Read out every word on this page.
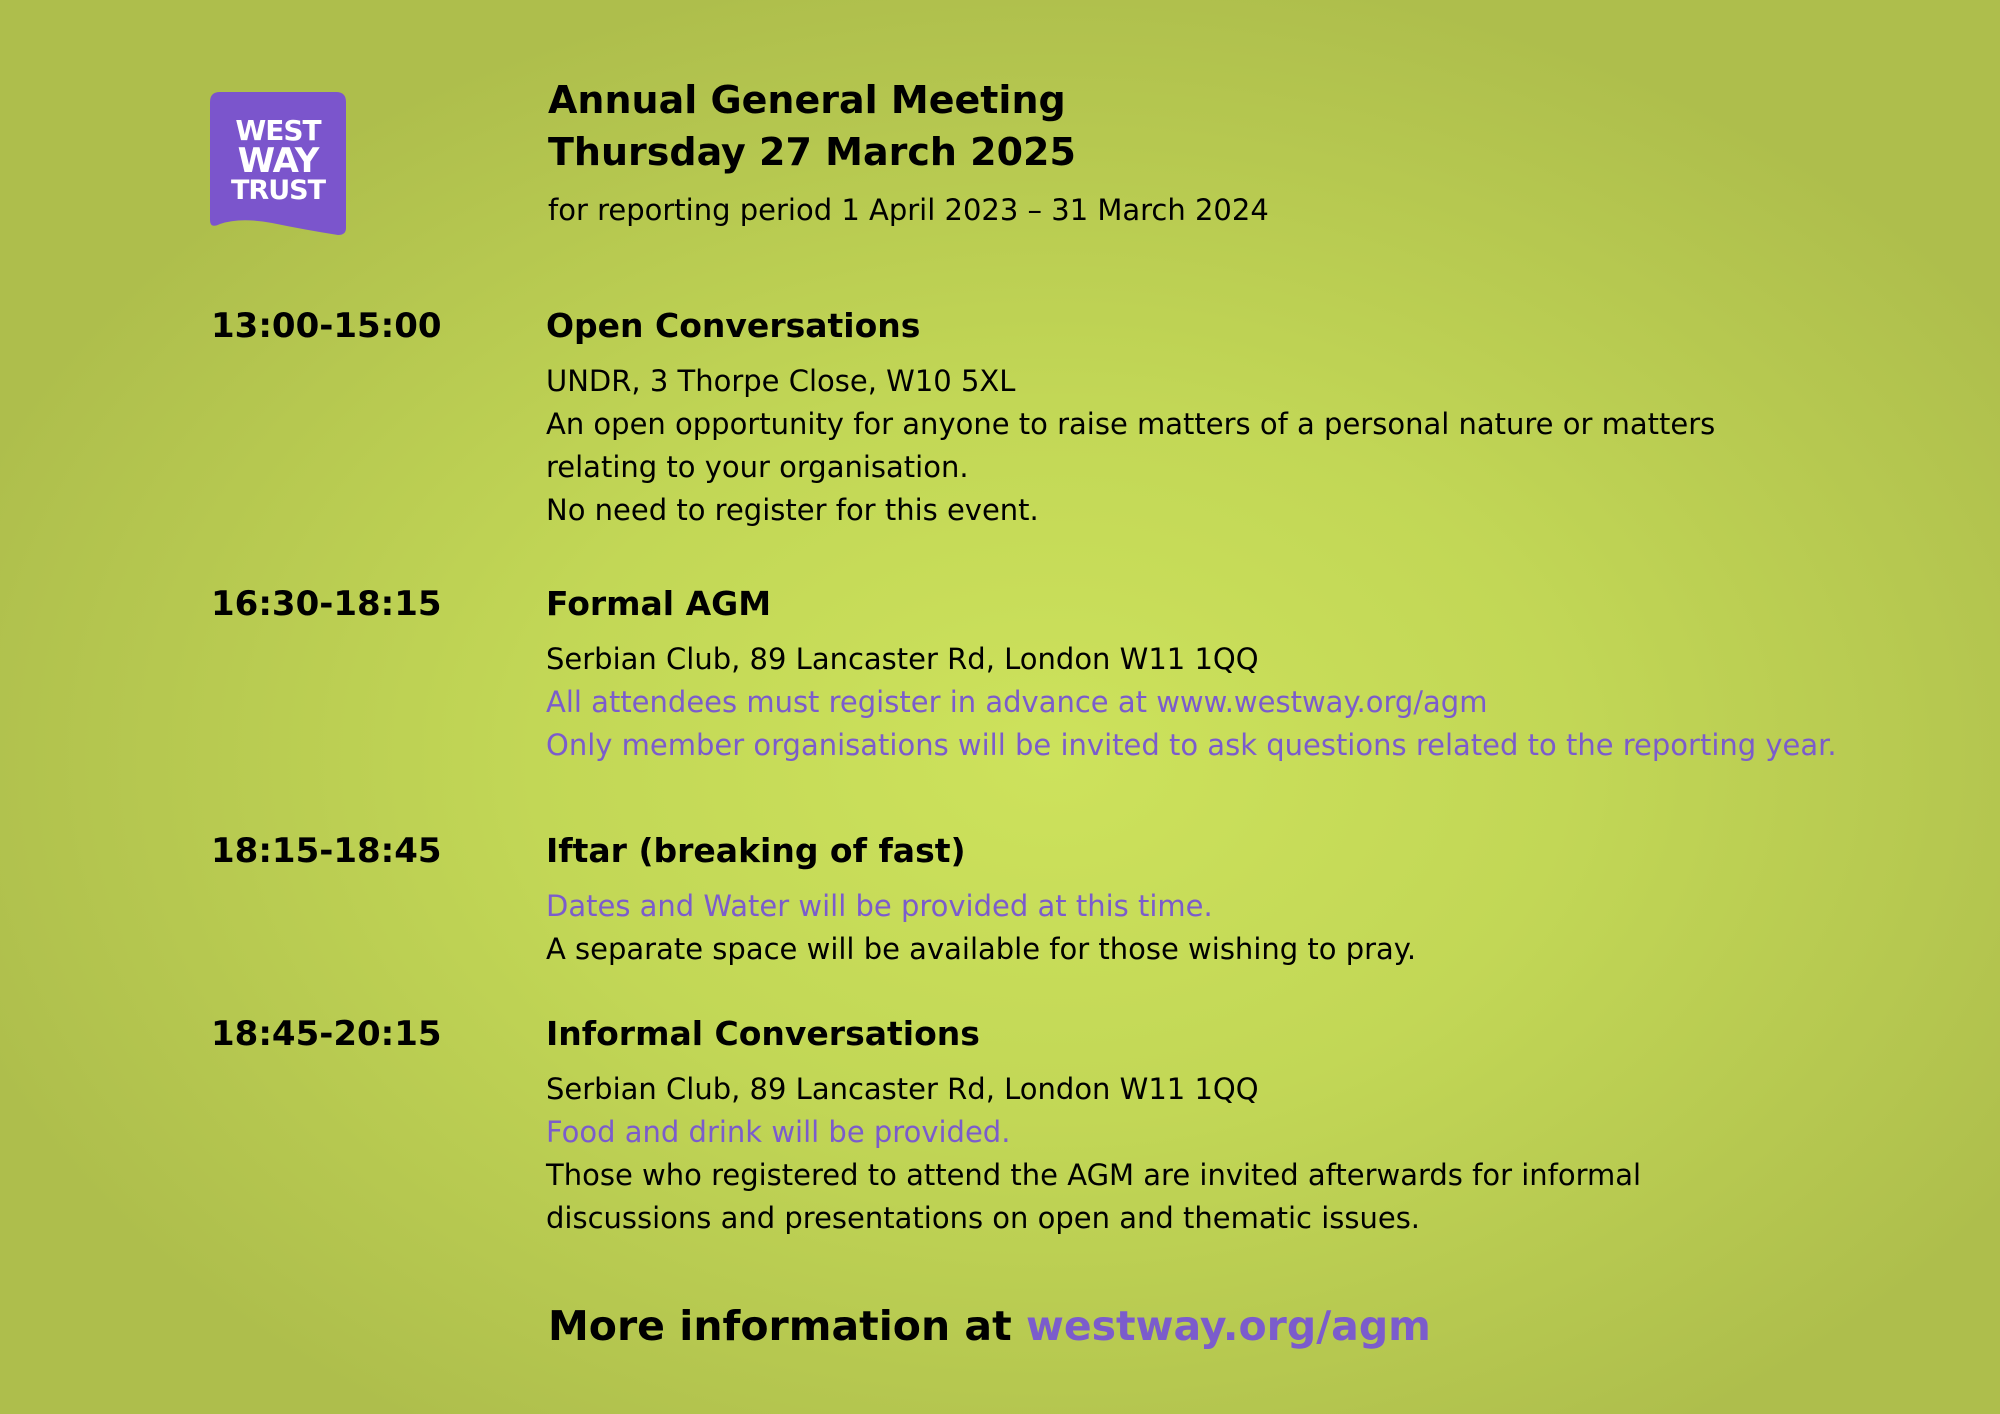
WEST
WAY
TRUST
Annual General Meeting
Thursday 27 March 2025
for reporting period 1 April 2023 – 31 March 2024
13:00-15:00	Open Conversations
UNDR, 3 Thorpe Close, W10 5XL
An open opportunity for anyone to raise matters of a personal nature or matters
relating to your organisation.
No need to register for this event.
16:30-18:15	Formal AGM
Serbian Club, 89 Lancaster Rd, London W11 1QQ
All attendees must register in advance at www.westway.org/agm
Only member organisations will be invited to ask questions related to the reporting year.
18:15-18:45	Iftar (breaking of fast)
Dates and Water will be provided at this time.
A separate space will be available for those wishing to pray.
18:45-20:15	Informal Conversations
Serbian Club, 89 Lancaster Rd, London W11 1QQ
Food and drink will be provided.
Those who registered to attend the AGM are invited afterwards for informal
discussions and presentations on open and thematic issues.
More information at westway.org/agm
